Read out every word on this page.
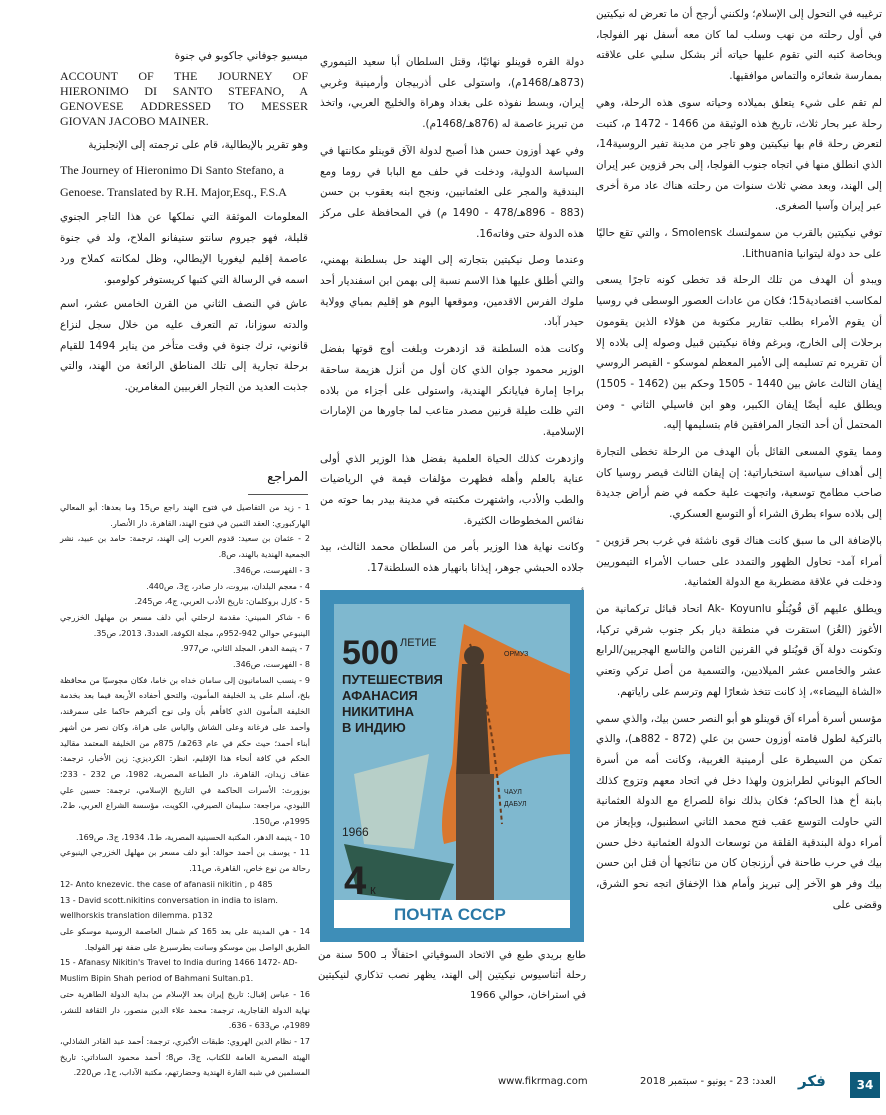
ترغيبه في التحول إلى الإسلام؛ ولكنني أرجح أن ما تعرض له نيكيتين في أول رحلته من نهب وسلب لما كان معه أسفل نهر الفولجا، وبخاصة كتبه التي تقوم عليها حياته أثر بشكل سلبي على علاقته بممارسة شعائره والتماس موافقيها.

لم تقم على شيء يتعلق بميلاده وحياته سوى هذه الرحلة، وهي رحلة عبر بحار ثلاث، تاريخ هذه الوثيقة من 1466 - 1472 م، كتبت لتعرض رحلة قام بها نيكيتين وهو تاجر من مدينة تفير الروسية14، الذي انطلق منها في اتجاه جنوب الفولجا، إلى بحر قزوين عبر إيران إلى الهند، وبعد مضي ثلاث سنوات من رحلته هناك عاد مرة أخرى عبر إيران وآسيا الصغرى.

توفي نيكيتين بالقرب من سمولنسك Smolensk ، والتي تقع حاليًا على حد دولة ليتوانيا Lithuania.

ويبدو أن الهدف من تلك الرحلة قد تخطى كونه تاجرًا يسعى لمكاسب اقتصادية15؛ فكان من عادات العصور الوسطى في روسيا أن يقوم الأمراء بطلب تقارير مكتوبة من هؤلاء الذين يقومون برحلات إلى الخارج، وبرغم وفاة نيكيتين قبيل وصوله إلى بلاده إلا أن تقريره تم تسليمه إلى الأمير المعظم لموسكو - القيصر الروسي إيفان الثالث عاش بين 1440 - 1505 وحكم بين (1462 - 1505) ويطلق عليه أيضًا إيفان الكبير، وهو ابن فاسيلي الثاني - ومن المحتمل أن أحد التجار المرافقين قام بتسليمها إليه.

ومما يقوي المسعى القائل بأن الهدف من الرحلة تخطى التجارة إلى أهداف سياسية استخباراتية: إن إيفان الثالث قيصر روسيا كان صاحب مطامح توسعية، واتجهت علية حكمه في ضم أراض جديدة إلى بلاده سواء بطرق الشراء أو التوسع العسكري.

بالإضافة الى ما سبق كانت هناك قوى ناشئة في غرب بحر قزوين - أمراء آمد- تحاول الظهور والتمدد على حساب الأمراء التيموريين ودخلت في علاقة مضطربة مع الدولة العثمانية.

ويطلق عليهم آق قُويُنلُو Ak- Koyunlu اتحاد قبائل تركمانية من الأغوز (الغُز) استقرت في منطقة ديار بكر جنوب شرقي تركيا، وتكونت دولة آق قويُنلو في القرنين الثامن والتاسع الهجريين/الرابع عشر والخامس عشر الميلاديين، والتسمية من أصل تركي وتعني «الشاة البيضاء»، إذ كانت تتخذ شعارًا لهم وترسم على راياتهم.

مؤسس أسرة أمراء آق قوينلو هو أبو النصر حسن بيك، والذي سمي بالتركية لطول قامته أوزون حسن بن علي (872 - 882هـ)، والذي تمكن من السيطرة على أرمينية الغربية، وكانت أمه من أسرة الحاكم اليوناني لطرابزون ولهذا دخل في اتحاد معهم وتزوج كذلك بابنة أخ هذا الحاكم؛ فكان بذلك نواة للصراع مع الدولة العثمانية التي حاولت التوسع عقب فتح محمد الثاني اسطنبول، وبإيعاز من أمراء دولة البندقية القلقة من توسعات الدولة العثمانية دخل حسن بيك في حرب طاحنة في أرزنجان كان من نتائجها أن قتل ابن حسن بيك وفر هو الآخر إلى تبريز وأمام هذا الإخفاق اتجه نحو الشرق، وقضى على

دولة القره قوينلو نهائيًا، وقتل السلطان أبا سعيد التيموري (873هـ/1468م)، واستولى على أذربيجان وأرمينية وغربي إيران، وبسط نفوذه على بغداد وهراة والخليج العربي، واتخذ من تبريز عاصمة له (876هـ/1468م).

وفي عهد أوزون حسن هذا أصبح لدولة الآق قوينلو مكانتها في السياسة الدولية، ودخلت في حلف مع البابا في روما ومع البندقية والمجر على العثمانيين، ونجح ابنه يعقوب بن حسن (883 - 896هـ/478 - 1490 م) في المحافظة على مركز هذه الدولة حتى وفاته16.

وعندما وصل نيكيتين بتجارته إلى الهند حل بسلطنة بهمني، والتي أطلق عليها هذا الاسم نسبة إلى بهمن ابن اسفنديار أحد ملوك الفرس الاقدمين، وموقعها اليوم هو إقليم بمباي وولاية حيدر آباد.

وكانت هذه السلطنة قد ازدهرت وبلغت أوج قوتها بفضل الوزير محمود جوان الذي كان أول من أنزل هزيمة ساحقة براجا إمارة فيايانكر الهندية، واستولى على أجزاء من بلاده التي ظلت طيلة قرنين مصدر متاعب لما جاورها من الإمارات الإسلامية.

وازدهرت كذلك الحياة العلمية بفضل هذا الوزير الذي أولى عناية بالعلم وأهله فظهرت مؤلفات قيمة في الرياضيات والطب والأدب، واشتهرت مكتبته في مدينة بيدر بما حوته من نفائس المخطوطات الكثيرة.

وكانت نهاية هذا الوزير بأمر من السلطان محمد الثالث، بيد جلاده الحبشي جوهر، إيذانا بانهيار هذه السلطنة17.

ميسيو جوفاني جاكوبو في جنوة
ACCOUNT OF THE JOURNEY OF HIERONIMO DI SANTO STEFANO, A GENOVESE ADDRESSED TO MESSER GIOVAN JACOBO MAINER.
وهو تقرير بالإيطالية، قام على ترجمته إلى الإنجليزية
The Journey of Hieronimo Di Santo Stefano, a Genoese. Translated by R.H. Major,Esq., F.S.A
المعلومات الموثقة التي نملكها عن هذا التاجر الجنوي قليلة، فهو جيروم سانتو ستيفانو الملاح، ولد في جنوة عاصمة إقليم ليغوريا الإيطالي، وظل لمكانته كملاح ورد اسمه في الرسالة التي كتبها كريستوفر كولومبو.
عاش في النصف الثاني من القرن الخامس عشر، اسم والدته سوزانا، تم التعرف عليه من خلال سجل لنزاع قانوني، ترك جنوة في وقت متأخر من يناير 1494 للقيام برحلة تجارية إلى تلك المناطق الرائعة من الهند، والتي جذبت العديد من التجار الغربيين المغامرين.
المراجع

1 - زيد من التفاصيل في فتوح الهند راجع ص15 وما بعدها: أبو المعالي الهاركبوري: العقد الثمين في فتوح الهند، القاهرة، دار الأنصار.

2 - عثمان بن سعيد: قدوم العرب إلى الهند، ترجمة: حامد بن عبيد، نشر الجمعية الهندية بالهند، ص8.

3 - الفهرست، ص346.

4 - معجم البلدان، بيروت، دار صادر، ج3، ص440.

5 - كارل بروكلمان: تاريخ الأدب العربي، ج4، ص245.

6 - شاكر المبيني: مقدمة لرحلتي أبي دلف مسعر بن مهلهل الخزرجي الينبوعي حوالي 942-952م، مجلة الكوفة، العدد3، 2013، ص35.

7 - يتيمة الدهر، المجلد الثاني، ص977.

8 - الفهرست، ص346.

9 - ينسب السامانيون إلى سامان خداه بن خاما، فكان مجوسيًا من محافظة بلخ، أسلم على يد الخليفة المأمون، والتحق أحفاده الأربعة فيما بعد بخدمة الخليفة المأمون الذي كافأهم بأن ولى نوح أكبرهم حاكما على سمرقند، وأحمد على فرغانة وعلى الشاش والياس على هراة، وكان نصر من أشهر أبناء أحمد؛ حيث حكم في عام 263هـ/ 875م من الخليفة المعتمد مقاليد الحكم في كافة أنحاء هذا الإقليم، انظر: الكرديزي: زين الأخبار، ترجمة: عفاف زيدان، القاهرة، دار الطباعة المصرية، 1982، ص 232 - 233؛ بوزورث: الأسرات الحاكمة في التاريخ الإسلامي، ترجمة: حسين علي اللبودي، مراجعة: سليمان الصيرفي، الكويت، مؤسسة الشراع العربي، ط2، 1995م، ص150.

10 - يتيمة الدهر، المكتبة الحسينية المصرية، ط1، 1934، ج3، ص169.

11 - يوسف بن أحمد حوالة: أبو دلف مسعر بن مهلهل الخزرجي الينبوعي رحالة من نوع خاص، القاهرة، ص11.

12- Anto knezevic. the case of afanasii nikitin , p 485

13 - David scott.nikitins conversation in india to islam. wellhorskis translation dilemma. p132

14 - هي المدينة على بعد 165 كم شمال العاصمة الروسية موسكو على الطريق الواصل بين موسكو وسانت بطرسبرغ على ضفة نهر الفولجا.

15 - Afanasy Nikitin's Travel to India during 1466 1472- AD- Muslim Bipin Shah period of Bahmani Sultan.p1.

16 - عباس إقبال: تاريخ إيران بعد الإسلام من بداية الدولة الطاهرية حتى نهاية الدولة القاجارية، ترجمة: محمد علاء الدين منصور، دار الثقافة للنشر، 1989م، ص633 - 636.

17 - نظام الدين الهروي: طبقات الأكبري، ترجمة: أحمد عبد القادر الشاذلي، الهيئة المصرية العامة للكتاب، ج3، ص8؛ أحمد محمود الساداتي: تاريخ المسلمين في شبه القارة الهندية وحضارتهم، مكتبة الآداب، ج1، ص220.

500 ЛЕТИЕ
ПУТЕШЕСТВИЯ
АФАНАСИЯ
НИКИТИНА
В ИНДИЮ
ОРМУЗ
ЧАУЛ
ДАБУЛ
1966
4 к
ПОЧТА СССР
طابع بريدي طبع في الاتحاد السوفياتي احتفالًا بـ 500 سنة من رحلة أثناسيوس نيكيتين إلى الهند، يظهر نصب تذكاري لنيكيتين في استراخان، حوالي 1966
www.fikrmag.com	العدد: 23 - يونيو - سبتمبر 2018 فكر	34
